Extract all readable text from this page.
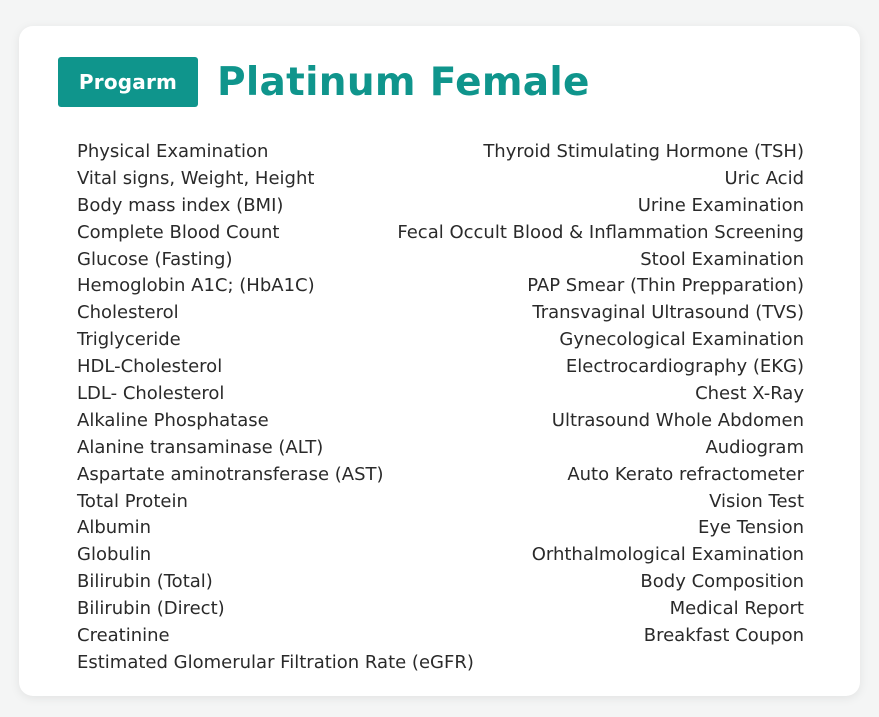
Progarm	Platinum Female
Physical Examination
Vital signs, Weight, Height
Body mass index (BMI)
Complete Blood Count
Glucose (Fasting)
Hemoglobin A1C; (HbA1C)
Cholesterol
Triglyceride
HDL-Cholesterol
LDL- Cholesterol
Alkaline Phosphatase
Alanine transaminase (ALT)
Aspartate aminotransferase (AST)
Total Protein
Albumin
Globulin
Bilirubin (Total)
Bilirubin (Direct)
Creatinine
Estimated Glomerular Filtration Rate (eGFR)
Thyroid Stimulating Hormone (TSH)
Uric Acid
Urine Examination
Fecal Occult Blood & Inflammation Screening
Stool Examination
PAP Smear (Thin Prepparation)
Transvaginal Ultrasound (TVS)
Gynecological Examination
Electrocardiography (EKG)
Chest X-Ray
Ultrasound Whole Abdomen
Audiogram
Auto Kerato refractometer
Vision Test
Eye Tension
Orhthalmological Examination
Body Composition
Medical Report
Breakfast Coupon
